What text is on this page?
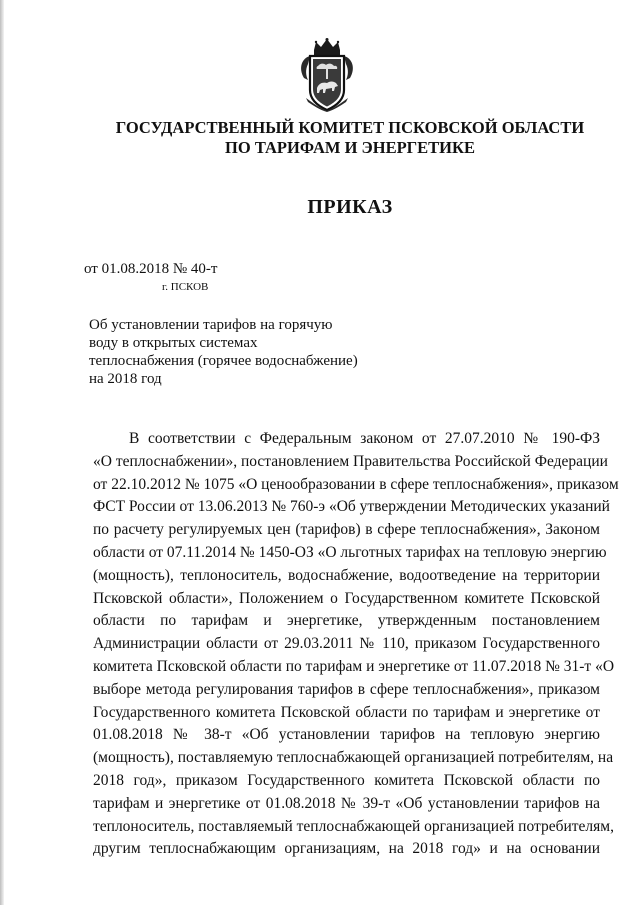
ГОСУДАРСТВЕННЫЙ КОМИТЕТ ПСКОВСКОЙ ОБЛАСТИ
ПО ТАРИФАМ И ЭНЕРГЕТИКЕ
ПРИКАЗ
от 01.08.2018 № 40-т
г. ПСКОВ
Об установлении тарифов на горячую
воду в открытых системах
теплоснабжения (горячее водоснабжение)
на 2018 год
В соответствии с Федеральным законом от 27.07.2010 № 190-ФЗ
«О теплоснабжении», постановлением Правительства Российской Федерации
от 22.10.2012 № 1075 «О ценообразовании в сфере теплоснабжения», приказом
ФСТ России от 13.06.2013 № 760-э «Об утверждении Методических указаний
по расчету регулируемых цен (тарифов) в сфере теплоснабжения», Законом
области от 07.11.2014 № 1450-ОЗ «О льготных тарифах на тепловую энергию
(мощность), теплоноситель, водоснабжение, водоотведение на территории
Псковской области», Положением о Государственном комитете Псковской
области по тарифам и энергетике, утвержденным постановлением
Администрации области от 29.03.2011 № 110, приказом Государственного
комитета Псковской области по тарифам и энергетике от 11.07.2018 № 31-т «О
выборе метода регулирования тарифов в сфере теплоснабжения», приказом
Государственного комитета Псковской области по тарифам и энергетике от
01.08.2018 № 38-т «Об установлении тарифов на тепловую энергию
(мощность), поставляемую теплоснабжающей организацией потребителям, на
2018 год», приказом Государственного комитета Псковской области по
тарифам и энергетике от 01.08.2018 № 39-т «Об установлении тарифов на
теплоноситель, поставляемый теплоснабжающей организацией потребителям,
другим теплоснабжающим организациям, на 2018 год» и на основании
